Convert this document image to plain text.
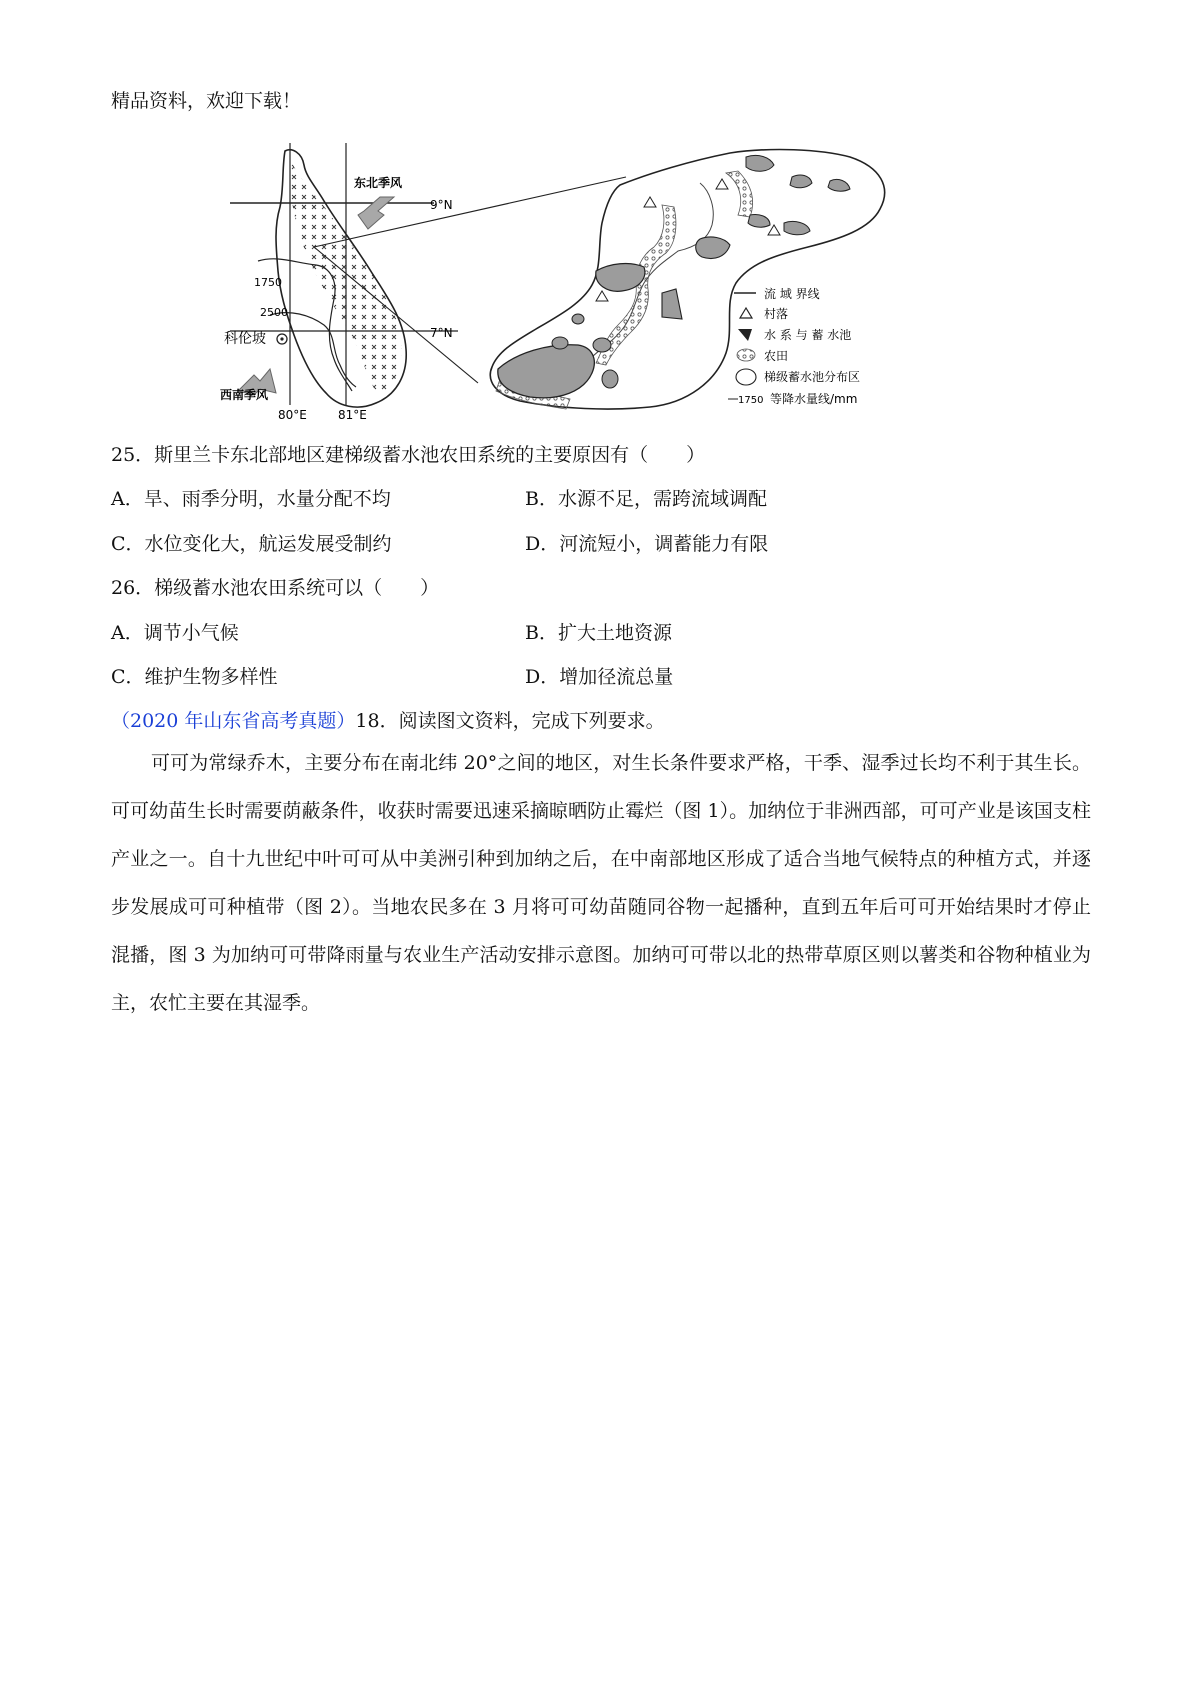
精品资料，欢迎下载！
1750
2500
9°N
7°N
80°E	81°E
东北季风
科伦坡
西南季风
流 域 界线
村落
水 系 与 蓄 水池
农田
梯级蓄水池分布区
1750 等降水量线/mm
25．斯里兰卡东北部地区建梯级蓄水池农田系统的主要原因有（　　）
A．旱、雨季分明，水量分配不均	B．水源不足，需跨流域调配
C．水位变化大，航运发展受制约	D．河流短小，调蓄能力有限
26．梯级蓄水池农田系统可以（　　）
A．调节小气候	B．扩大土地资源
C．维护生物多样性	D．增加径流总量
（2020 年山东省高考真题）18．阅读图文资料，完成下列要求。

可可为常绿乔木，主要分布在南北纬 20°之间的地区，对生长条件要求严格，干季、湿季过长均不利于其生长。可可幼苗生长时需要荫蔽条件，收获时需要迅速采摘晾晒防止霉烂（图 1）。加纳位于非洲西部，可可产业是该国支柱产业之一。自十九世纪中叶可可从中美洲引种到加纳之后，在中南部地区形成了适合当地气候特点的种植方式，并逐步发展成可可种植带（图 2）。当地农民多在 3 月将可可幼苗随同谷物一起播种，直到五年后可可开始结果时才停止混播，图 3 为加纳可可带降雨量与农业生产活动安排示意图。加纳可可带以北的热带草原区则以薯类和谷物种植业为主，农忙主要在其湿季。
